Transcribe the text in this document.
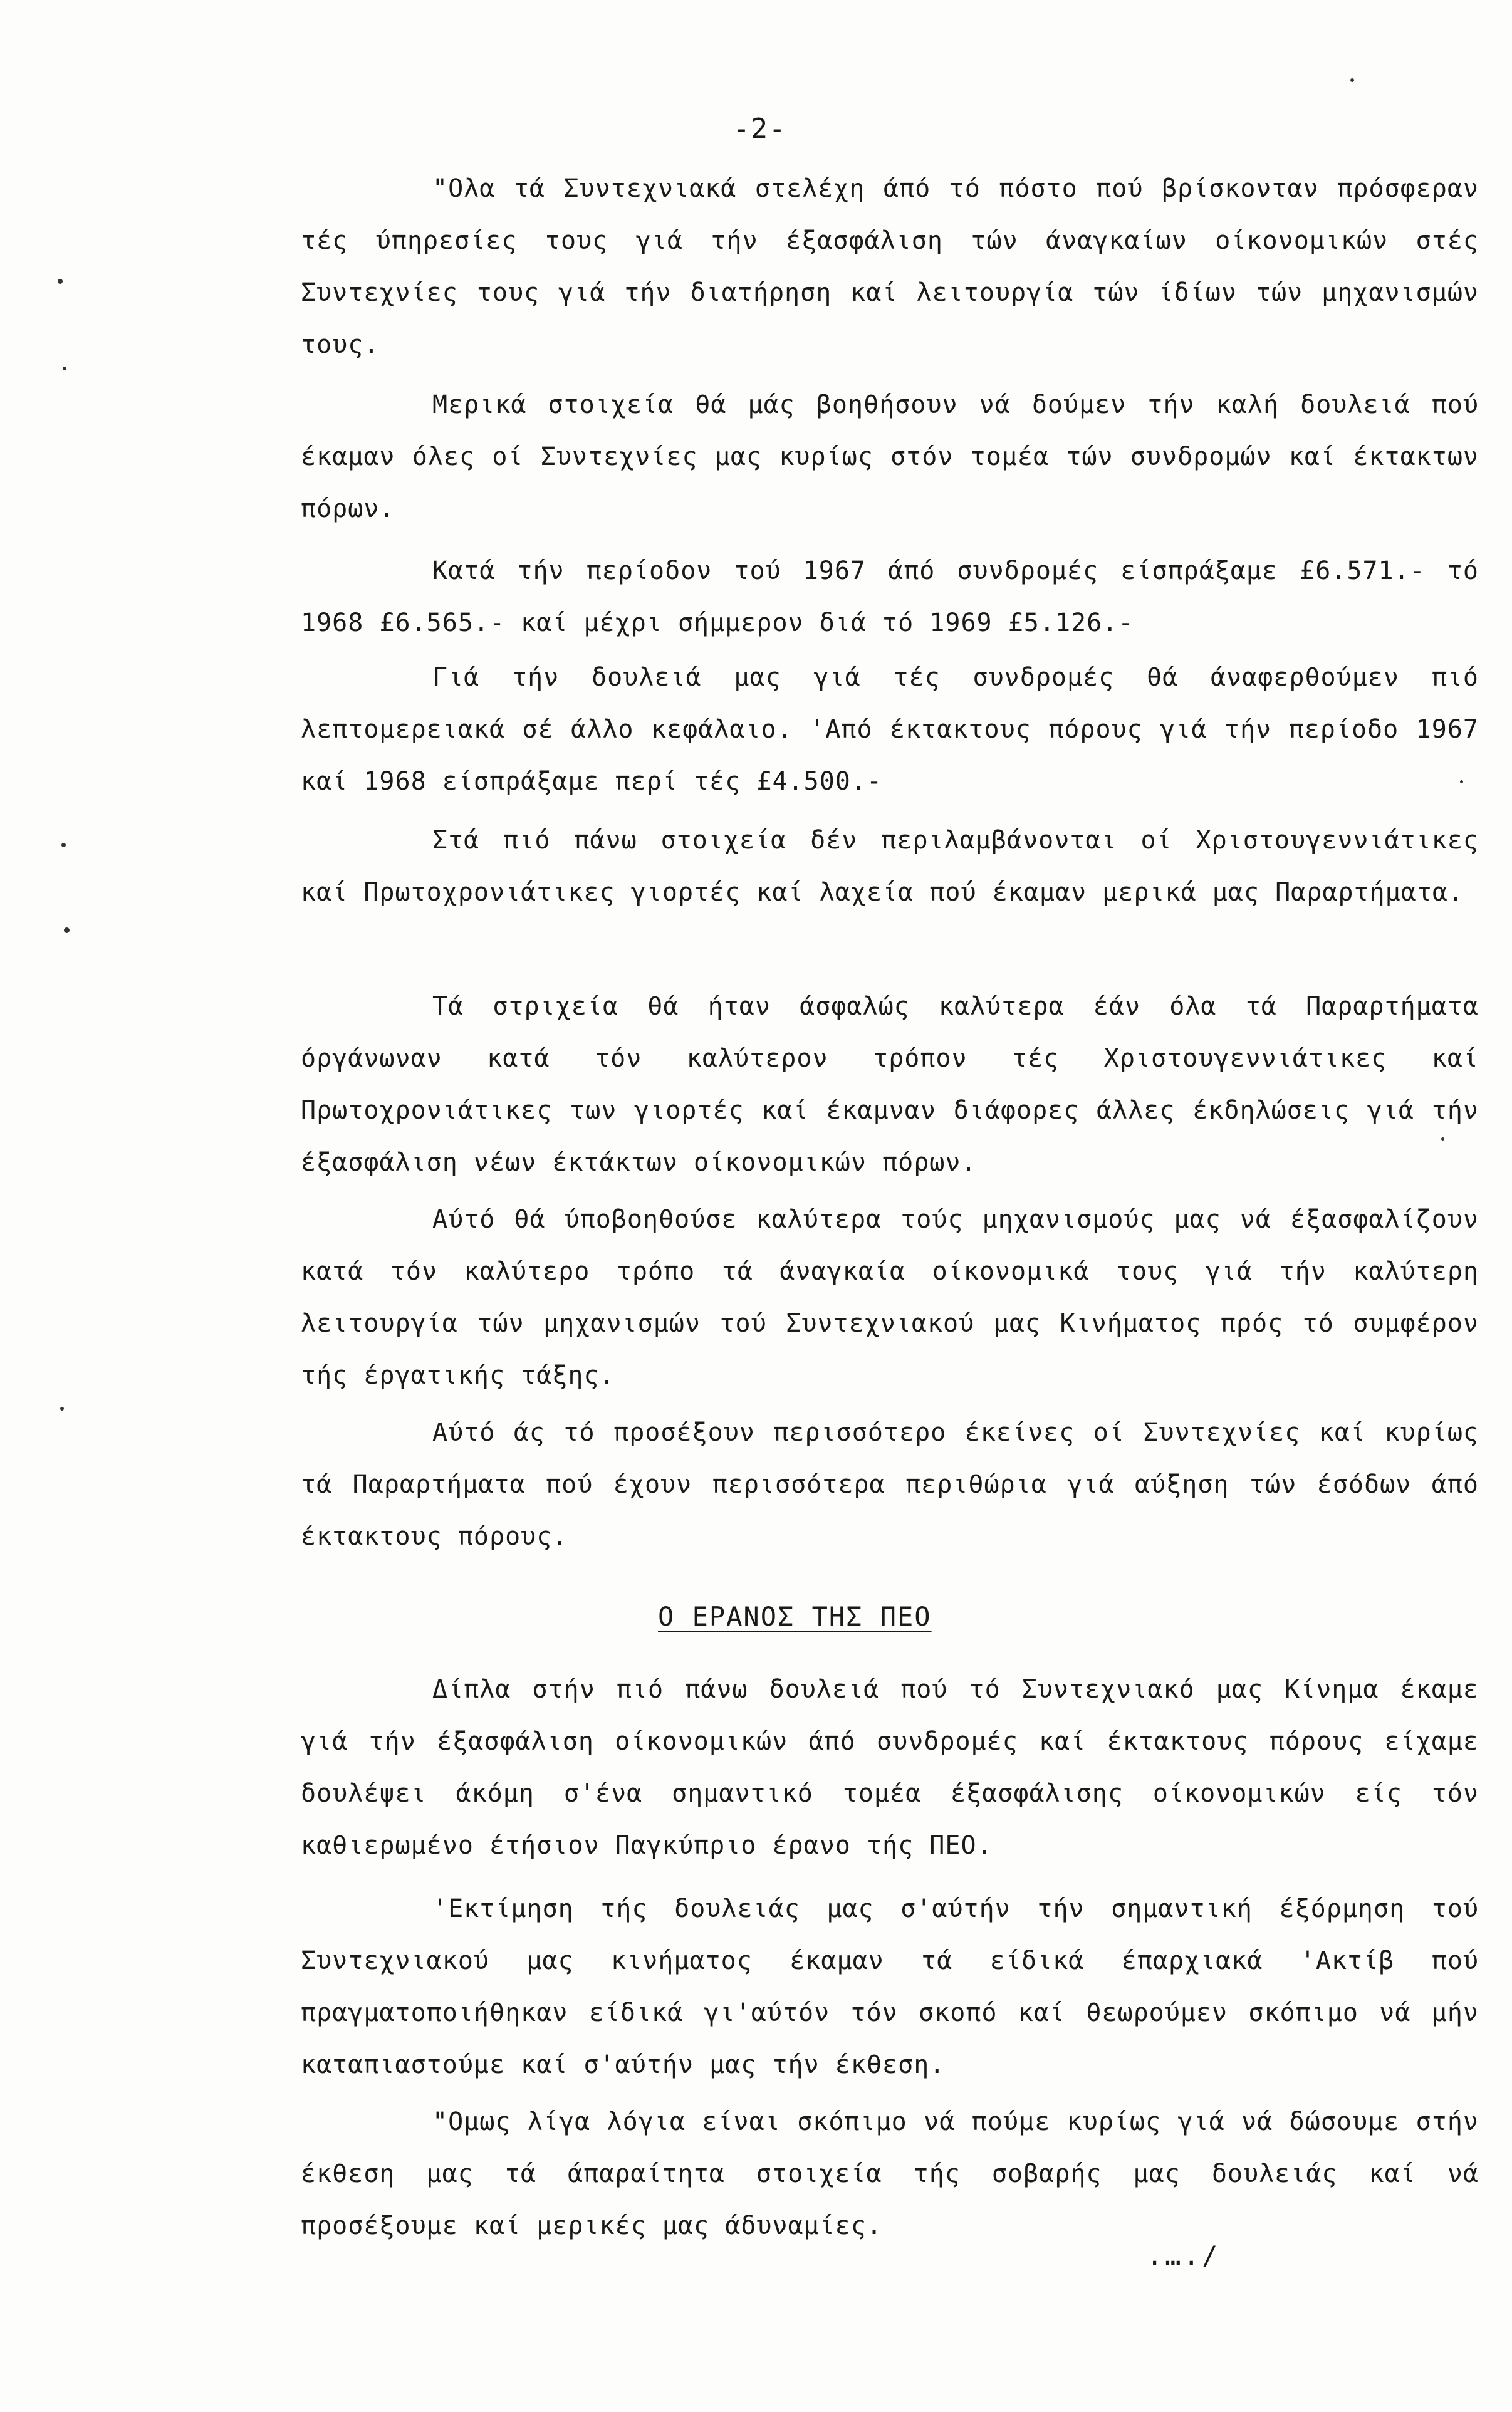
-2-

"Ολα τά Συντεχνιακά στελέχη άπό τό πόστο πού βρίσκονταν πρόσφεραν τές ύπηρεσίες τους γιά τήν έξασφάλιση τών άναγκαίων οίκονομικών στές Συντεχνίες τους γιά τήν διατήρηση καί λειτουργία τών ίδίων τών μηχανισμών τους.

Μερικά στοιχεία θά μάς βοηθήσουν νά δούμεν τήν καλή δουλειά πού έκαμαν όλες οί Συντεχνίες μας κυρίως στόν τομέα τών συνδρομών καί έκτακτων πόρων.

Κατά τήν περίοδον τού 1967 άπό συνδρομές είσπράξαμε £6.571.- τό 1968 £6.565.- καί μέχρι σήμμερον διά τό 1969 £5.126.-

Γιά τήν δουλειά μας γιά τές συνδρομές θά άναφερθούμεν πιό λεπτομερειακά σέ άλλο κεφάλαιο. 'Από έκτακτους πόρους γιά τήν περίοδο 1967 καί 1968 είσπράξαμε περί τές £4.500.-

Στά πιό πάνω στοιχεία δέν περιλαμβάνονται οί Χριστουγεννιάτικες καί Πρωτοχρονιάτικες γιορτές καί λαχεία πού έκαμαν μερικά μας Παραρτήματα.

Τά στριχεία θά ήταν άσφαλώς καλύτερα έάν όλα τά Παραρτήματα όργάνωναν κατά τόν καλύτερον τρόπον τές Χριστουγεννιάτικες καί Πρωτοχρονιάτικες των γιορτές καί έκαμναν διάφορες άλλες έκδηλώσεις γιά τήν έξασφάλιση νέων έκτάκτων οίκονομικών πόρων.

Αύτό θά ύποβοηθούσε καλύτερα τούς μηχανισμούς μας νά έξασφαλίζουν κατά τόν καλύτερο τρόπο τά άναγκαία οίκονομικά τους γιά τήν καλύτερη λειτουργία τών μηχανισμών τού Συντεχνιακού μας Κινήματος πρός τό συμφέρον τής έργατικής τάξης.

Αύτό άς τό προσέξουν περισσότερο έκείνες οί Συντεχνίες καί κυρίως τά Παραρτήματα πού έχουν περισσότερα περιθώρια γιά αύξηση τών έσόδων άπό έκτακτους πόρους.

Ο ΕΡΑΝΟΣ ΤΗΣ ΠΕΟ

Δίπλα στήν πιό πάνω δουλειά πού τό Συντεχνιακό μας Κίνημα έκαμε γιά τήν έξασφάλιση οίκονομικών άπό συνδρομές καί έκτακτους πόρους είχαμε δουλέψει άκόμη σ'ένα σημαντικό τομέα έξασφάλισης οίκονομικών είς τόν καθιερωμένο έτήσιον Παγκύπριο έρανο τής ΠΕΟ.

'Εκτίμηση τής δουλειάς μας σ'αύτήν τήν σημαντική έξόρμηση τού Συντεχνιακού μας κινήματος έκαμαν τά είδικά έπαρχιακά 'Ακτίβ πού πραγματοποιήθηκαν είδικά γι'αύτόν τόν σκοπό καί θεωρούμεν σκόπιμο νά μήν καταπιαστούμε καί σ'αύτήν μας τήν έκθεση.

"Ομως λίγα λόγια είναι σκόπιμο νά πούμε κυρίως γιά νά δώσουμε στήν έκθεση μας τά άπαραίτητα στοιχεία τής σοβαρής μας δουλειάς καί νά προσέξουμε καί μερικές μας άδυναμίες.

.…./
